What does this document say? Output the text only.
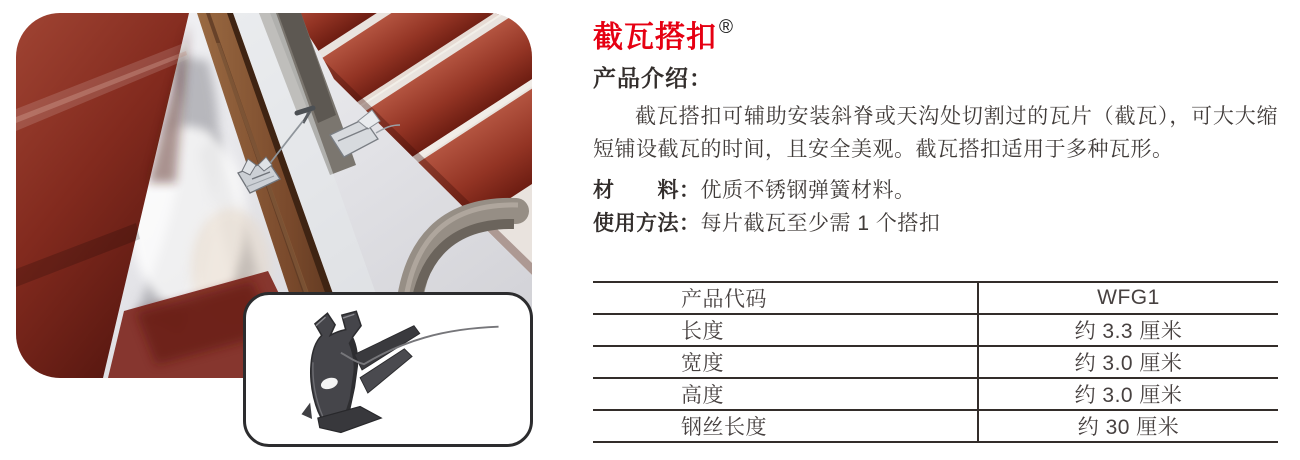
截瓦搭扣 ®
产品介绍：
截瓦搭扣可辅助安装斜脊或天沟处切割过的瓦片（截瓦），可大大缩短铺设截瓦的时间，且安全美观。截瓦搭扣适用于多种瓦形。
材　　料：优质不锈钢弹簧材料。
使用方法：每片截瓦至少需 1 个搭扣
产品代码	WFG1
长度	约 3.3 厘米
宽度	约 3.0 厘米
高度	约 3.0 厘米
钢丝长度	约 30 厘米
